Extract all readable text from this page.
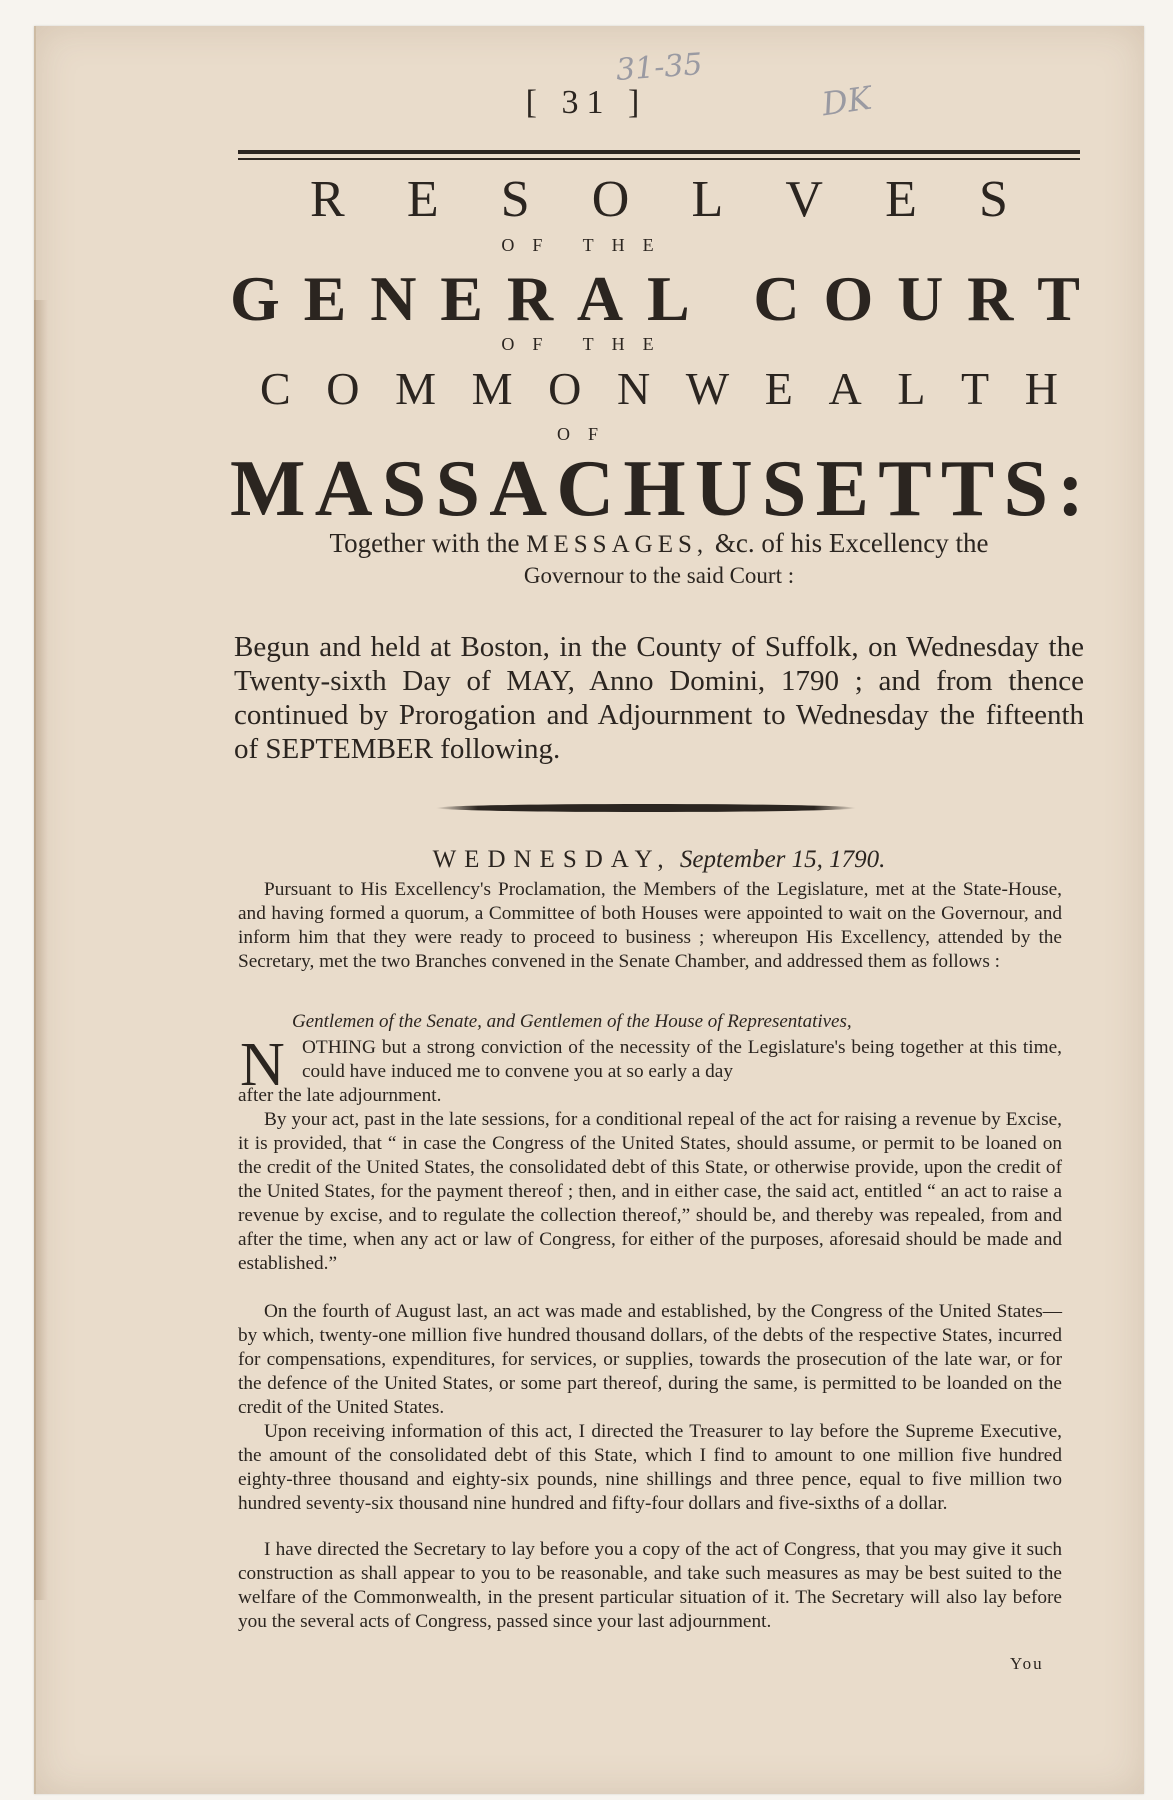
31-35
DK
[ 31 ]
R E S O L V E S
OF THE
G E N E R A L
C O U R T
OF THE
C O M M O N W E A L T H
OF
M A S S A C H U S E T T S :
Together with the MESSAGES, &c. of his Excellency the
Governour to the said Court :
Begun and held at Boston, in the County of Suffolk, on Wednesday the Twenty-sixth Day of MAY, Anno Domini, 1790 ; and from thence continued by Prorogation and Adjournment to Wednesday the fifteenth of SEPTEMBER following.
WEDNESDAY, September 15, 1790.
Pursuant to His Excellency's Proclamation, the Members of the Legislature, met at the State-House, and having formed a quorum, a Committee of both Houses were appointed to wait on the Governour, and inform him that they were ready to proceed to business ; whereupon His Excellency, attended by the Secretary, met the two Branches convened in the Senate Chamber, and addressed them as follows :
Gentlemen of the Senate, and Gentlemen of the House of Representatives,
N OTHING but a strong conviction of the necessity of the Legislature's being together at this time, could have induced me to convene you at so early a day
after the late adjournment.
By your act, past in the late sessions, for a conditional repeal of the act for raising a revenue by Excise, it is provided, that “ in case the Congress of the United States, should assume, or permit to be loaned on the credit of the United States, the consolidated debt of this State, or otherwise provide, upon the credit of the United States, for the payment thereof ; then, and in either case, the said act, entitled “ an act to raise a revenue by excise, and to regulate the collection thereof,” should be, and thereby was repealed, from and after the time, when any act or law of Congress, for either of the purposes, aforesaid should be made and established.”
On the fourth of August last, an act was made and established, by the Congress of the United States—by which, twenty-one million five hundred thousand dollars, of the debts of the respective States, incurred for compensations, expenditures, for services, or supplies, towards the prosecution of the late war, or for the defence of the United States, or some part thereof, during the same, is permitted to be loanded on the credit of the United States.
Upon receiving information of this act, I directed the Treasurer to lay before the Supreme Executive, the amount of the consolidated debt of this State, which I find to amount to one million five hundred eighty-three thousand and eighty-six pounds, nine shillings and three pence, equal to five million two hundred seventy-six thousand nine hundred and fifty-four dollars and five-sixths of a dollar.
I have directed the Secretary to lay before you a copy of the act of Congress, that you may give it such construction as shall appear to you to be reasonable, and take such measures as may be best suited to the welfare of the Commonwealth, in the present particular situation of it. The Secretary will also lay before you the several acts of Congress, passed since your last adjournment.
You
